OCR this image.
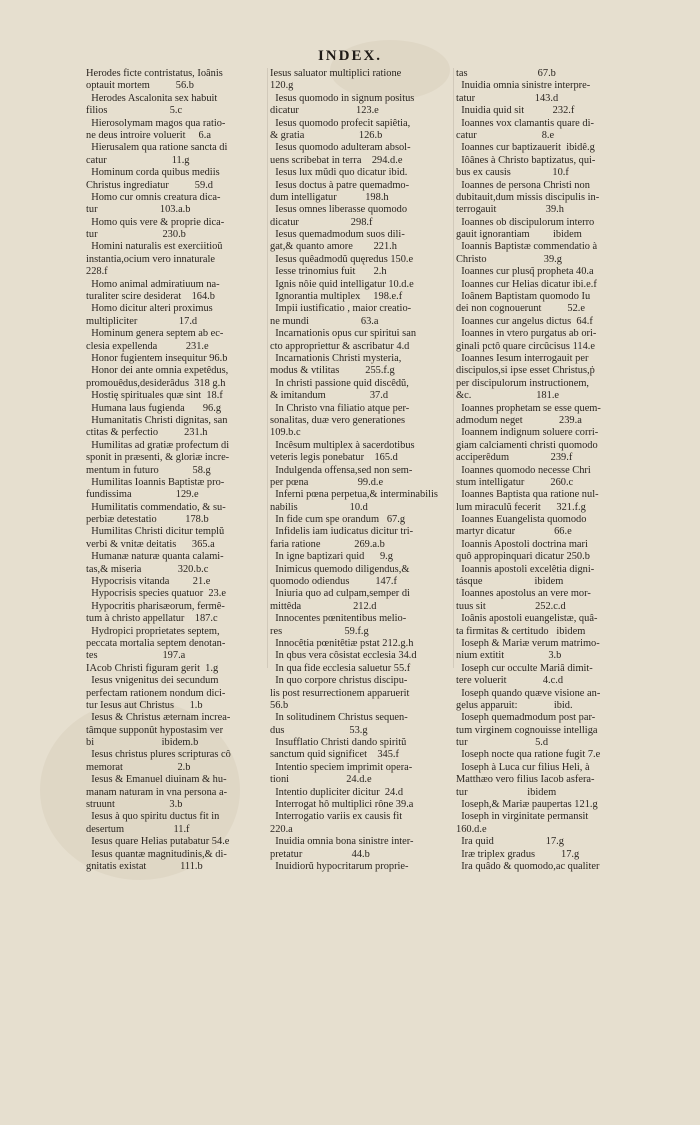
INDEX.
Herodes ficte contristatus, Ioânis
optauit mortem          56.b
Herodes Ascalonita sex habuit
filios                        5.c
Hierosolymam magos qua ratio-
ne deus introire voluerit     6.a
Hierusalem qua ratione sancta di
catur                         11.g
Hominum corda quibus mediis
Christus ingrediatur          59.d
Homo cur omnis creatura dica-
tur                        103.a.b
Homo quis vere & proprie dica-
tur                         230.b
Homini naturalis est exerciitioŭ
instantia,ocium vero innaturale
228.f
Homo animal admiratiuum na-
turaliter scire desiderat    164.b
Homo dicitur alteri proximus
multipliciter                17.d
Hominum genera septem ab ec-
clesia expellenda           231.e
Honor fugientem insequitur 96.b
Honor dei ante omnia expetêdus,
promouêdus,desiderâdus  318 g.h
Hostię spirituales quæ sint  18.f
Humana laus fugienda       96.g
Humanitatis Christi dignitas, san
ctitas & perfectio          231.h
Humilitas ad gratiæ profectum di
sponit in præsenti, & gloriæ incre-
mentum in futuro             58.g
Humilitas Ioannis Baptistæ pro-
fundissima                 129.e
Humilitatis commendatio, & su-
perbiæ detestatio           178.b
Humilitas Christi dicitur templŭ
verbi & vnitæ deitatis      365.a
Humanæ naturæ quanta calami-
tas,& miseria              320.b.c
Hypocrisis vitanda         21.e
Hypocrisis species quatuor  23.e
Hypocritis pharisæorum, fermê-
tum à christo appellatur    187.c
Hydropici proprietates septem,
peccata mortalia septem denotan-
tes                         197.a
IAcob Christi figuram gerit  1.g
Iesus vnigenitus dei secundum
perfectam rationem nondum dici-
tur Iesus aut Christus      1.b
Iesus & Christus æternam increa-
tâmque supponût hypostasim ver
bi                          ibidem.b
Iesus christus plures scripturas cô
memorat                     2.b
Iesus & Emanuel diuinam & hu-
manam naturam in vna persona a-
struunt                     3.b
Iesus à quo spiritu ductus fit in
desertum                   11.f
Iesus quare Helias putabatur 54.e
Iesus quantæ magnitudinis,& di-
gnitatis existat             111.b
Iesus saluator multiplici ratione
120.g
Iesus quomodo in signum positus
dicatur                      123.e
Iesus quomodo profecit sapiêtia,
& gratia                     126.b
Iesus quomodo adulteram absol-
uens scribebat in terra    294.d.e
Iesus lux mŭdi quo dicatur ibid.
Iesus doctus à patre quemadmo-
dum intelligatur           198.h
Iesus omnes liberasse quomodo
dicatur                    298.f
Iesus quemadmodum suos dili-
gat,& quanto amore        221.h
Iesus quêadmodŭ quęredus 150.e
Iesse trinomius fuit       2.h
Ignis nôie quid intelligatur 10.d.e
Ignorantia multiplex     198.e.f
Impii iustificatio , maior creatio-
ne mundi                    63.a
Incarnationis opus cur spiritui san
cto appropriettur & ascribatur 4.d
Incarnationis Christi mysteria,
modus & vtilitas          255.f.g
In christi passione quid discêdŭ,
& imitandum                 37.d
In Christo vna filiatio atque per-
sonalitas, duæ vero generationes
109.b.c
Incêsum multiplex à sacerdotibus
veteris legis ponebatur    165.d
Indulgenda offensa,sed non sem-
per pœna                   99.d.e
Inferni pœna perpetua,& interminabilis
nabilis                    10.d
In fide cum spe orandum   67.g
Infidelis iam iudicatus dicitur tri-
faria ratione             269.a.b
In igne baptizari quid      9.g
Inimicus quemodo diligendus,&
quomodo odiendus          147.f
Iniuria quo ad culpam,semper di
mittêda                    212.d
Innocentes pœnitentibus melio-
res                        59.f.g
Innocêtia pœnitêtiæ pstat 212.g.h
In qbus vera côsistat ecclesia 34.d
In qua fide ecclesia saluetur 55.f
In quo corpore christus discipu-
lis post resurrectionem apparuerit
56.b
In solitudinem Christus sequen-
dus                         53.g
Insufflatio Christi dando spiritŭ
sanctum quid significet    345.f
Intentio speciem imprimit opera-
tioni                      24.d.e
Intentio dupliciter dicitur  24.d
Interrogat hô multiplici rône 39.a
Interrogatio variis ex causis fit
220.a
Inuidia omnia bona sinistre inter-
pretatur                   44.b
Inuidiorŭ hypocritarum proprie-
tas                           67.b
Inuidia omnia sinistre interpre-
tatur                       143.d
Inuidia quid sit           232.f
Ioannes vox clamantis quare di-
catur                         8.e
Ioannes cur baptizauerit  ibidê.g
Iôânes à Christo baptizatus, qui-
bus ex causis                10.f
Ioannes de persona Christi non
dubitauit,dum missis discipulis in-
terrogauit                   39.h
Ioannes ob discipulorum interro
gauit ignorantiam         ibidem
Ioannis Baptistæ commendatio à
Christo                      39.g
Ioannes cur plusq̃ propheta 40.a
Ioannes cur Helias dicatur ibi.e.f
Ioânem Baptistam quomodo Iu
dei non cognouerunt          52.e
Ioannes cur angelus dictus  64.f
Ioannes in vtero purgatus ab ori-
ginali pctô quare circûcisus 114.e
Ioannes Iesum interrogauit per
discipulos,si ipse esset Christus,ṗ
per discipulorum instructionem,
&c.                         181.e
Ioannes prophetam se esse quem-
admodum neget              239.a
Ioannem indignum soluere corri-
giam calciamenti christi quomodo
acciperêdum                239.f
Ioannes quomodo necesse Chri
stum intelligatur          260.c
Ioannes Baptista qua ratione nul-
lum miraculŭ fecerit      321.f.g
Ioannes Euangelista quomodo
martyr dicatur               66.e
Ioannis Apostoli doctrina mari
quô appropinquari dicatur 250.b
Ioannis apostoli excelêtia digni-
tásque                    ibidem
Ioannes apostolus an vere mor-
tuus sit                   252.c.d
Ioânis apostoli euangelistæ, quâ-
ta firmitas & certitudo   ibidem
Ioseph & Mariæ verum matrimo-
nium extitit                 3.b
Ioseph cur occulte Mariâ dimit-
tere voluerit              4.c.d
Ioseph quando quæve visione an-
gelus apparuit:              ibid.
Ioseph quemadmodum post par-
tum virginem cognouisse intelliga
tur                          5.d
Ioseph nocte qua ratione fugit 7.e
Ioseph à Luca cur filius Heli, à
Matthæo vero filius Iacob asfera-
tur                       ibidem
Ioseph,& Mariæ paupertas 121.g
Ioseph in virginitate permansit
160.d.e
Ira quid                    17.g
Iræ triplex gradus          17.g
Ira quâdo & quomodo,ac qualiter
